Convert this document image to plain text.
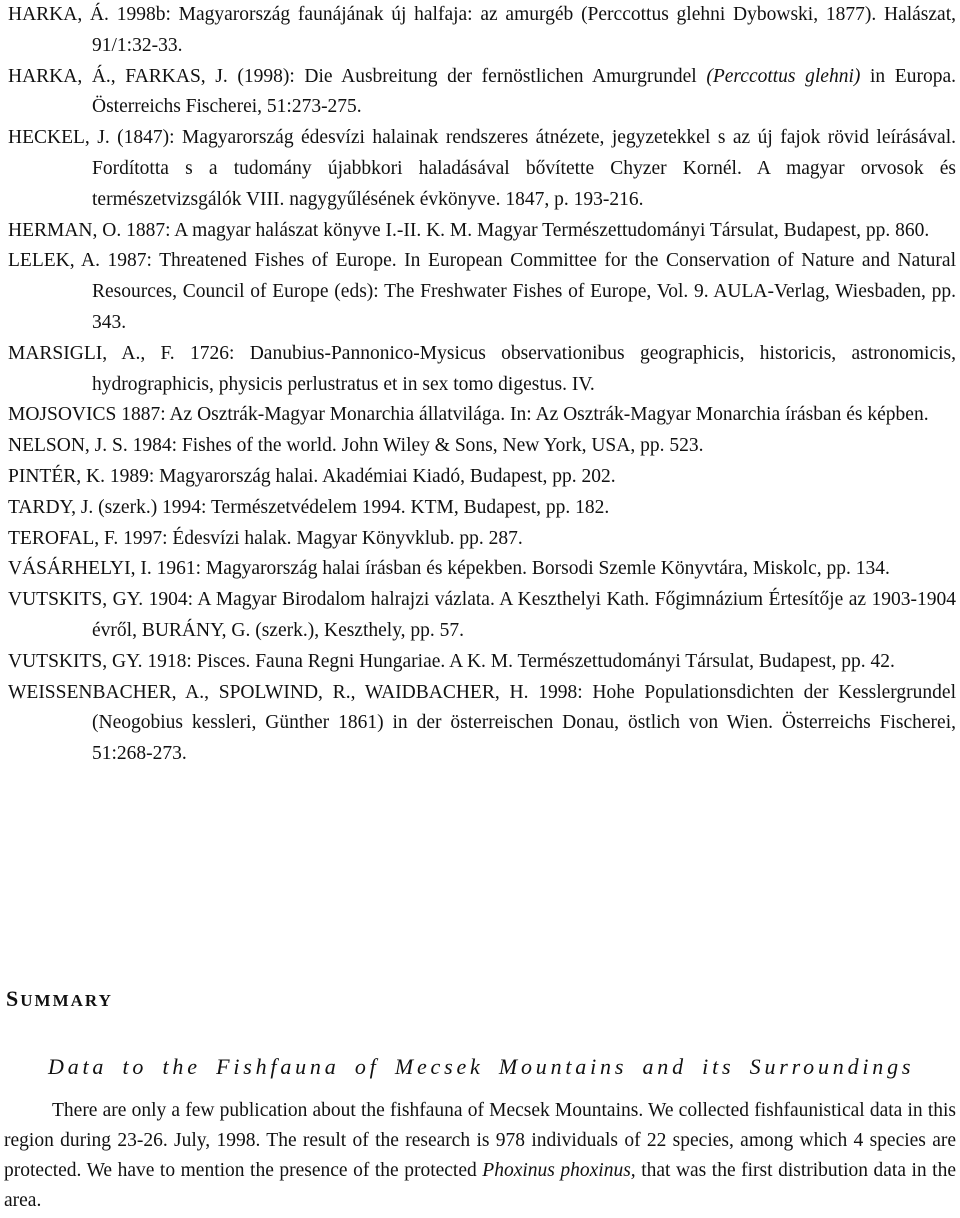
HARKA, Á. 1998b: Magyarország faunájának új halfaja: az amurgéb (Perccottus glehni Dybowski, 1877). Halászat, 91/1:32-33.

HARKA, Á., FARKAS, J. (1998): Die Ausbreitung der fernöstlichen Amurgrundel (Perccottus glehni) in Europa. Österreichs Fischerei, 51:273-275.

HECKEL, J. (1847): Magyarország édesvízi halainak rendszeres átnézete, jegyzetekkel s az új fajok rövid leírásával. Fordította s a tudomány újabbkori haladásával bővítette Chyzer Kornél. A magyar orvosok és természetvizsgálók VIII. nagygyűlésének évkönyve. 1847, p. 193-216.

HERMAN, O. 1887: A magyar halászat könyve I.-II. K. M. Magyar Természettudományi Társulat, Budapest, pp. 860.

LELEK, A. 1987: Threatened Fishes of Europe. In European Committee for the Conservation of Nature and Natural Resources, Council of Europe (eds): The Freshwater Fishes of Europe, Vol. 9. AULA-Verlag, Wiesbaden, pp. 343.

MARSIGLI, A., F. 1726: Danubius-Pannonico-Mysicus observationibus geographicis, historicis, astronomicis, hydrographicis, physicis perlustratus et in sex tomo digestus. IV.

MOJSOVICS 1887: Az Osztrák-Magyar Monarchia állatvilága. In: Az Osztrák-Magyar Monarchia írásban és képben.

NELSON, J. S. 1984: Fishes of the world. John Wiley & Sons, New York, USA, pp. 523.

PINTÉR, K. 1989: Magyarország halai. Akadémiai Kiadó, Budapest, pp. 202.

TARDY, J. (szerk.) 1994: Természetvédelem 1994. KTM, Budapest, pp. 182.

TEROFAL, F. 1997: Édesvízi halak. Magyar Könyvklub. pp. 287.

VÁSÁRHELYI, I. 1961: Magyarország halai írásban és képekben. Borsodi Szemle Könyvtára, Miskolc, pp. 134.

VUTSKITS, GY. 1904: A Magyar Birodalom halrajzi vázlata. A Keszthelyi Kath. Főgimnázium Értesítője az 1903-1904 évről, BURÁNY, G. (szerk.), Keszthely, pp. 57.

VUTSKITS, GY. 1918: Pisces. Fauna Regni Hungariae. A K. M. Természettudományi Társulat, Budapest, pp. 42.

WEISSENBACHER, A., SPOLWIND, R., WAIDBACHER, H. 1998: Hohe Populationsdichten der Kesslergrundel (Neogobius kessleri, Günther 1861) in der österreischen Donau, östlich von Wien. Österreichs Fischerei, 51:268-273.

SUMMARY

Data to the Fishfauna of Mecsek Mountains and its Surroundings

There are only a few publication about the fishfauna of Mecsek Mountains. We collected fishfaunistical data in this region during 23-26. July, 1998. The result of the research is 978 individuals of 22 species, among which 4 species are protected. We have to mention the presence of the protected Phoxinus phoxinus, that was the first distribution data in the area.
